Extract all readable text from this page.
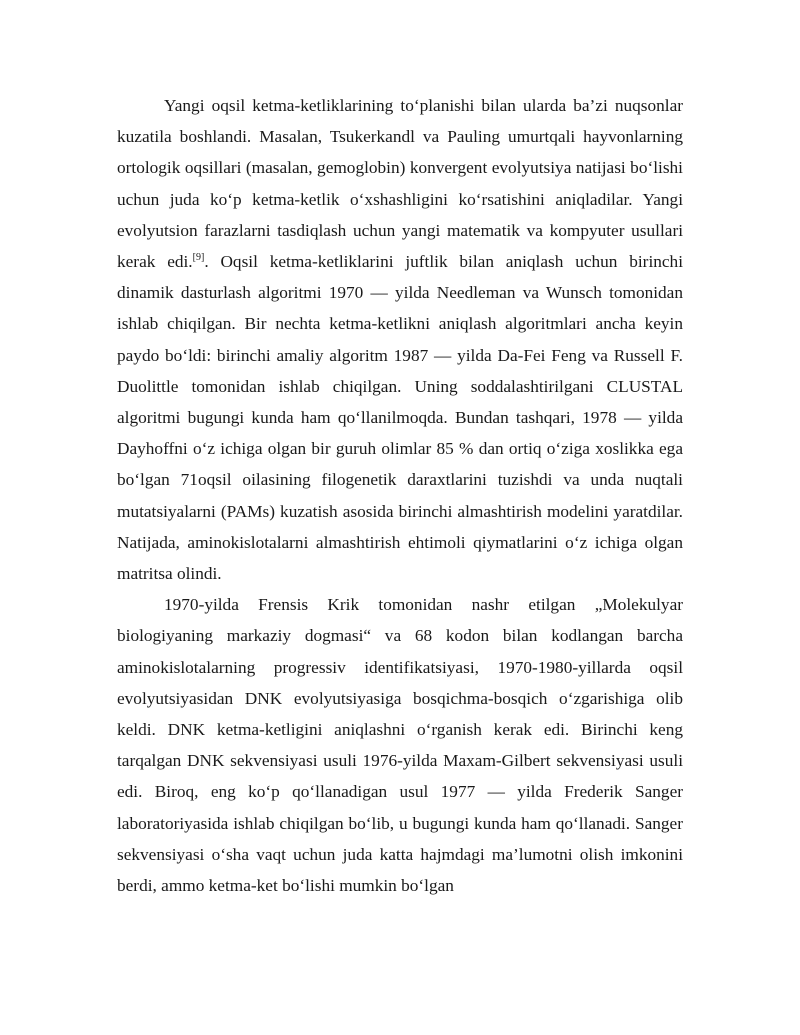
Yangi oqsil ketma-ketliklarining to‘planishi bilan ularda ba’zi nuqsonlar kuzatila boshlandi. Masalan, Tsukerkandl va Pauling umurtqali hayvonlarning ortologik oqsillari (masalan, gemoglobin) konvergent evolyutsiya natijasi bo‘lishi uchun juda ko‘p ketma-ketlik o‘xshashligini ko‘rsatishini aniqladilar. Yangi evolyutsion farazlarni tasdiqlash uchun yangi matematik va kompyuter usullari kerak edi.[9]. Oqsil ketma-ketliklarini juftlik bilan aniqlash uchun birinchi dinamik dasturlash algoritmi 1970 — yilda Needleman va Wunsch tomonidan ishlab chiqilgan. Bir nechta ketma-ketlikni aniqlash algoritmlari ancha keyin paydo bo‘ldi: birinchi amaliy algoritm 1987 — yilda Da-Fei Feng va Russell F. Duolittle tomonidan ishlab chiqilgan. Uning soddalashtirilgani CLUSTAL algoritmi bugungi kunda ham qo‘llanilmoqda. Bundan tashqari, 1978 — yilda Dayhoffni o‘z ichiga olgan bir guruh olimlar 85 % dan ortiq o‘ziga xoslikka ega bo‘lgan 71oqsil oilasining filogenetik daraxtlarini tuzishdi va unda nuqtali mutatsiyalarni (PAMs) kuzatish asosida birinchi almashtirish modelini yaratdilar. Natijada, aminokislotalarni almashtirish ehtimoli qiymatlarini o‘z ichiga olgan matritsa olindi.

1970-yilda Frensis Krik tomonidan nashr etilgan „Molekulyar biologiyaning markaziy dogmasi“ va 68 kodon bilan kodlangan barcha aminokislotalarning progressiv identifikatsiyasi, 1970-1980-yillarda oqsil evolyutsiyasidan DNK evolyutsiyasiga bosqichma-bosqich o‘zgarishiga olib keldi. DNK ketma-ketligini aniqlashni o‘rganish kerak edi. Birinchi keng tarqalgan DNK sekvensiyasi usuli 1976-yilda Maxam-Gilbert sekvensiyasi usuli edi. Biroq, eng ko‘p qo‘llanadigan usul 1977 — yilda Frederik Sanger laboratoriyasida ishlab chiqilgan bo‘lib, u bugungi kunda ham qo‘llanadi. Sanger sekvensiyasi o‘sha vaqt uchun juda katta hajmdagi ma’lumotni olish imkonini berdi, ammo ketma-ket bo‘lishi mumkin bo‘lgan
